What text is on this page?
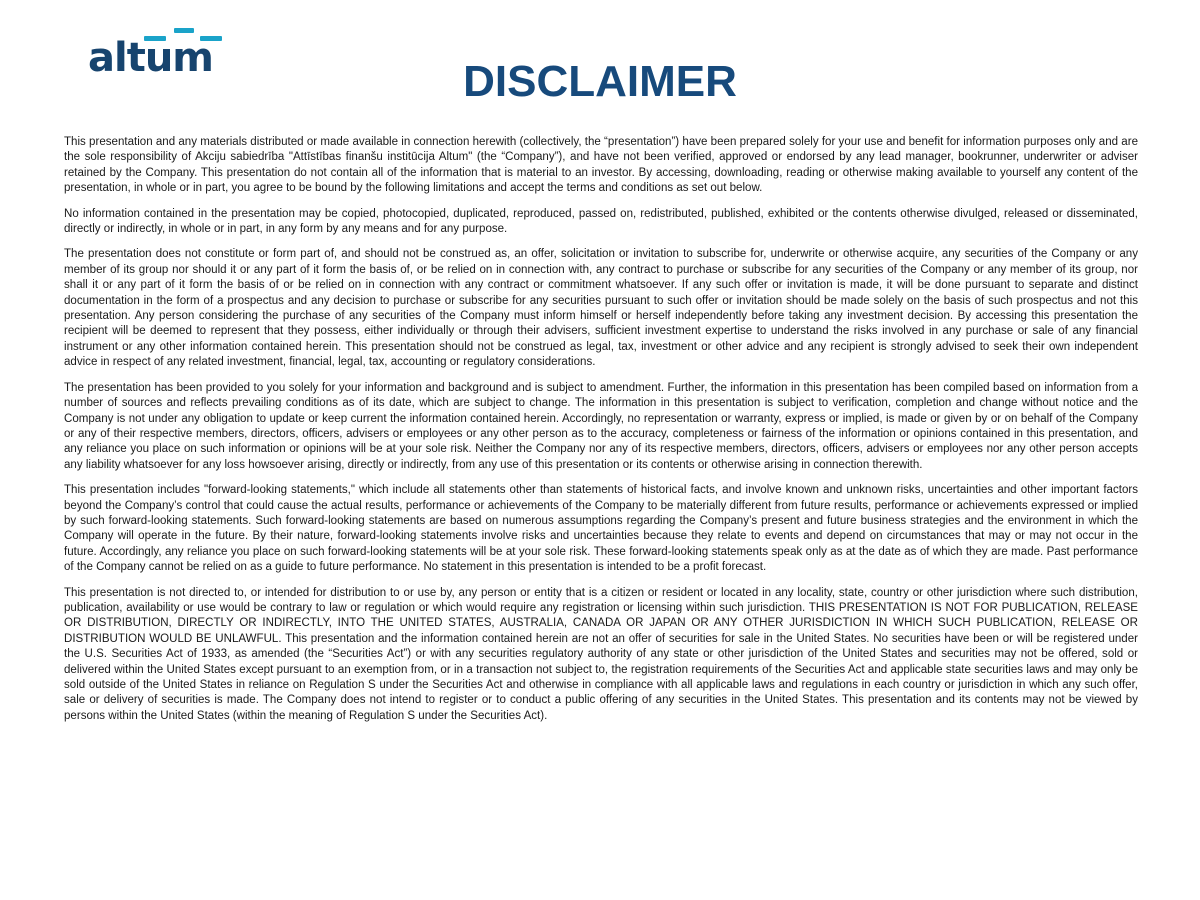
altum	DISCLAIMER

This presentation and any materials distributed or made available in connection herewith (collectively, the “presentation”) have been prepared solely for your use and benefit for information purposes only and are the sole responsibility of Akciju sabiedrība "Attīstības finanšu institūcija Altum" (the “Company”), and have not been verified, approved or endorsed by any lead manager, bookrunner, underwriter or adviser retained by the Company. This presentation do not contain all of the information that is material to an investor. By accessing, downloading, reading or otherwise making available to yourself any content of the presentation, in whole or in part, you agree to be bound by the following limitations and accept the terms and conditions as set out below.

No information contained in the presentation may be copied, photocopied, duplicated, reproduced, passed on, redistributed, published, exhibited or the contents otherwise divulged, released or disseminated, directly or indirectly, in whole or in part, in any form by any means and for any purpose.

The presentation does not constitute or form part of, and should not be construed as, an offer, solicitation or invitation to subscribe for, underwrite or otherwise acquire, any securities of the Company or any member of its group nor should it or any part of it form the basis of, or be relied on in connection with, any contract to purchase or subscribe for any securities of the Company or any member of its group, nor shall it or any part of it form the basis of or be relied on in connection with any contract or commitment whatsoever. If any such offer or invitation is made, it will be done pursuant to separate and distinct documentation in the form of a prospectus and any decision to purchase or subscribe for any securities pursuant to such offer or invitation should be made solely on the basis of such prospectus and not this presentation. Any person considering the purchase of any securities of the Company must inform himself or herself independently before taking any investment decision. By accessing this presentation the recipient will be deemed to represent that they possess, either individually or through their advisers, sufficient investment expertise to understand the risks involved in any purchase or sale of any financial instrument or any other information contained herein. This presentation should not be construed as legal, tax, investment or other advice and any recipient is strongly advised to seek their own independent advice in respect of any related investment, financial, legal, tax, accounting or regulatory considerations.

The presentation has been provided to you solely for your information and background and is subject to amendment. Further, the information in this presentation has been compiled based on information from a number of sources and reflects prevailing conditions as of its date, which are subject to change. The information in this presentation is subject to verification, completion and change without notice and the Company is not under any obligation to update or keep current the information contained herein. Accordingly, no representation or warranty, express or implied, is made or given by or on behalf of the Company or any of their respective members, directors, officers, advisers or employees or any other person as to the accuracy, completeness or fairness of the information or opinions contained in this presentation, and any reliance you place on such information or opinions will be at your sole risk. Neither the Company nor any of its respective members, directors, officers, advisers or employees nor any other person accepts any liability whatsoever for any loss howsoever arising, directly or indirectly, from any use of this presentation or its contents or otherwise arising in connection therewith.

This presentation includes "forward-looking statements," which include all statements other than statements of historical facts, and involve known and unknown risks, uncertainties and other important factors beyond the Company’s control that could cause the actual results, performance or achievements of the Company to be materially different from future results, performance or achievements expressed or implied by such forward-looking statements. Such forward-looking statements are based on numerous assumptions regarding the Company’s present and future business strategies and the environment in which the Company will operate in the future. By their nature, forward-looking statements involve risks and uncertainties because they relate to events and depend on circumstances that may or may not occur in the future. Accordingly, any reliance you place on such forward-looking statements will be at your sole risk. These forward-looking statements speak only as at the date as of which they are made. Past performance of the Company cannot be relied on as a guide to future performance. No statement in this presentation is intended to be a profit forecast.

This presentation is not directed to, or intended for distribution to or use by, any person or entity that is a citizen or resident or located in any locality, state, country or other jurisdiction where such distribution, publication, availability or use would be contrary to law or regulation or which would require any registration or licensing within such jurisdiction. THIS PRESENTATION IS NOT FOR PUBLICATION, RELEASE OR DISTRIBUTION, DIRECTLY OR INDIRECTLY, INTO THE UNITED STATES, AUSTRALIA, CANADA OR JAPAN OR ANY OTHER JURISDICTION IN WHICH SUCH PUBLICATION, RELEASE OR DISTRIBUTION WOULD BE UNLAWFUL. This presentation and the information contained herein are not an offer of securities for sale in the United States. No securities have been or will be registered under the U.S. Securities Act of 1933, as amended (the “Securities Act”) or with any securities regulatory authority of any state or other jurisdiction of the United States and securities may not be offered, sold or delivered within the United States except pursuant to an exemption from, or in a transaction not subject to, the registration requirements of the Securities Act and applicable state securities laws and may only be sold outside of the United States in reliance on Regulation S under the Securities Act and otherwise in compliance with all applicable laws and regulations in each country or jurisdiction in which any such offer, sale or delivery of securities is made. The Company does not intend to register or to conduct a public offering of any securities in the United States. This presentation and its contents may not be viewed by persons within the United States (within the meaning of Regulation S under the Securities Act).
